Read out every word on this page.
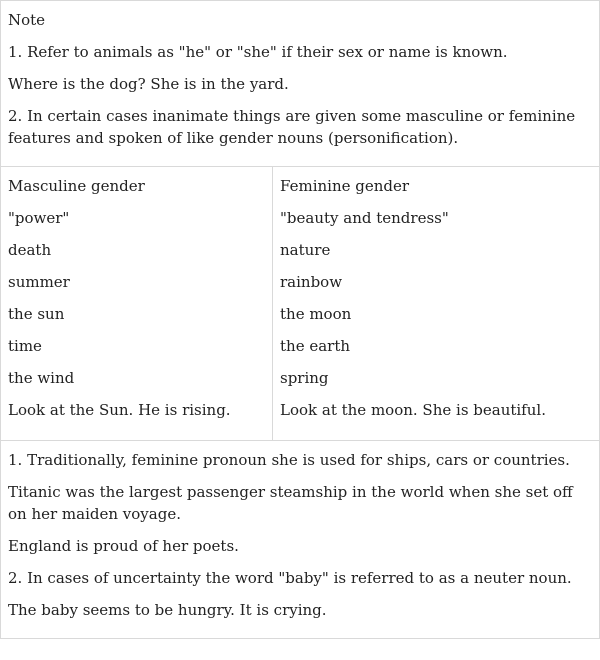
Note

1. Refer to animals as "he" or "she" if their sex or name is known.

Where is the dog? She is in the yard.

2. In certain cases inanimate things are given some masculine or feminine features and spoken of like gender nouns (personification).

Masculine gender

"power"

death

summer

the sun

time

the wind

Look at the Sun. He is rising.

Feminine gender

"beauty and tendress"

nature

rainbow

the moon

the earth

spring

Look at the moon. She is beautiful.

1. Traditionally, feminine pronoun she is used for ships, cars or countries.

Titanic was the largest passenger steamship in the world when she set off on her maiden voyage.

England is proud of her poets.

2. In cases of uncertainty the word "baby" is referred to as a neuter noun.

The baby seems to be hungry. It is crying.
